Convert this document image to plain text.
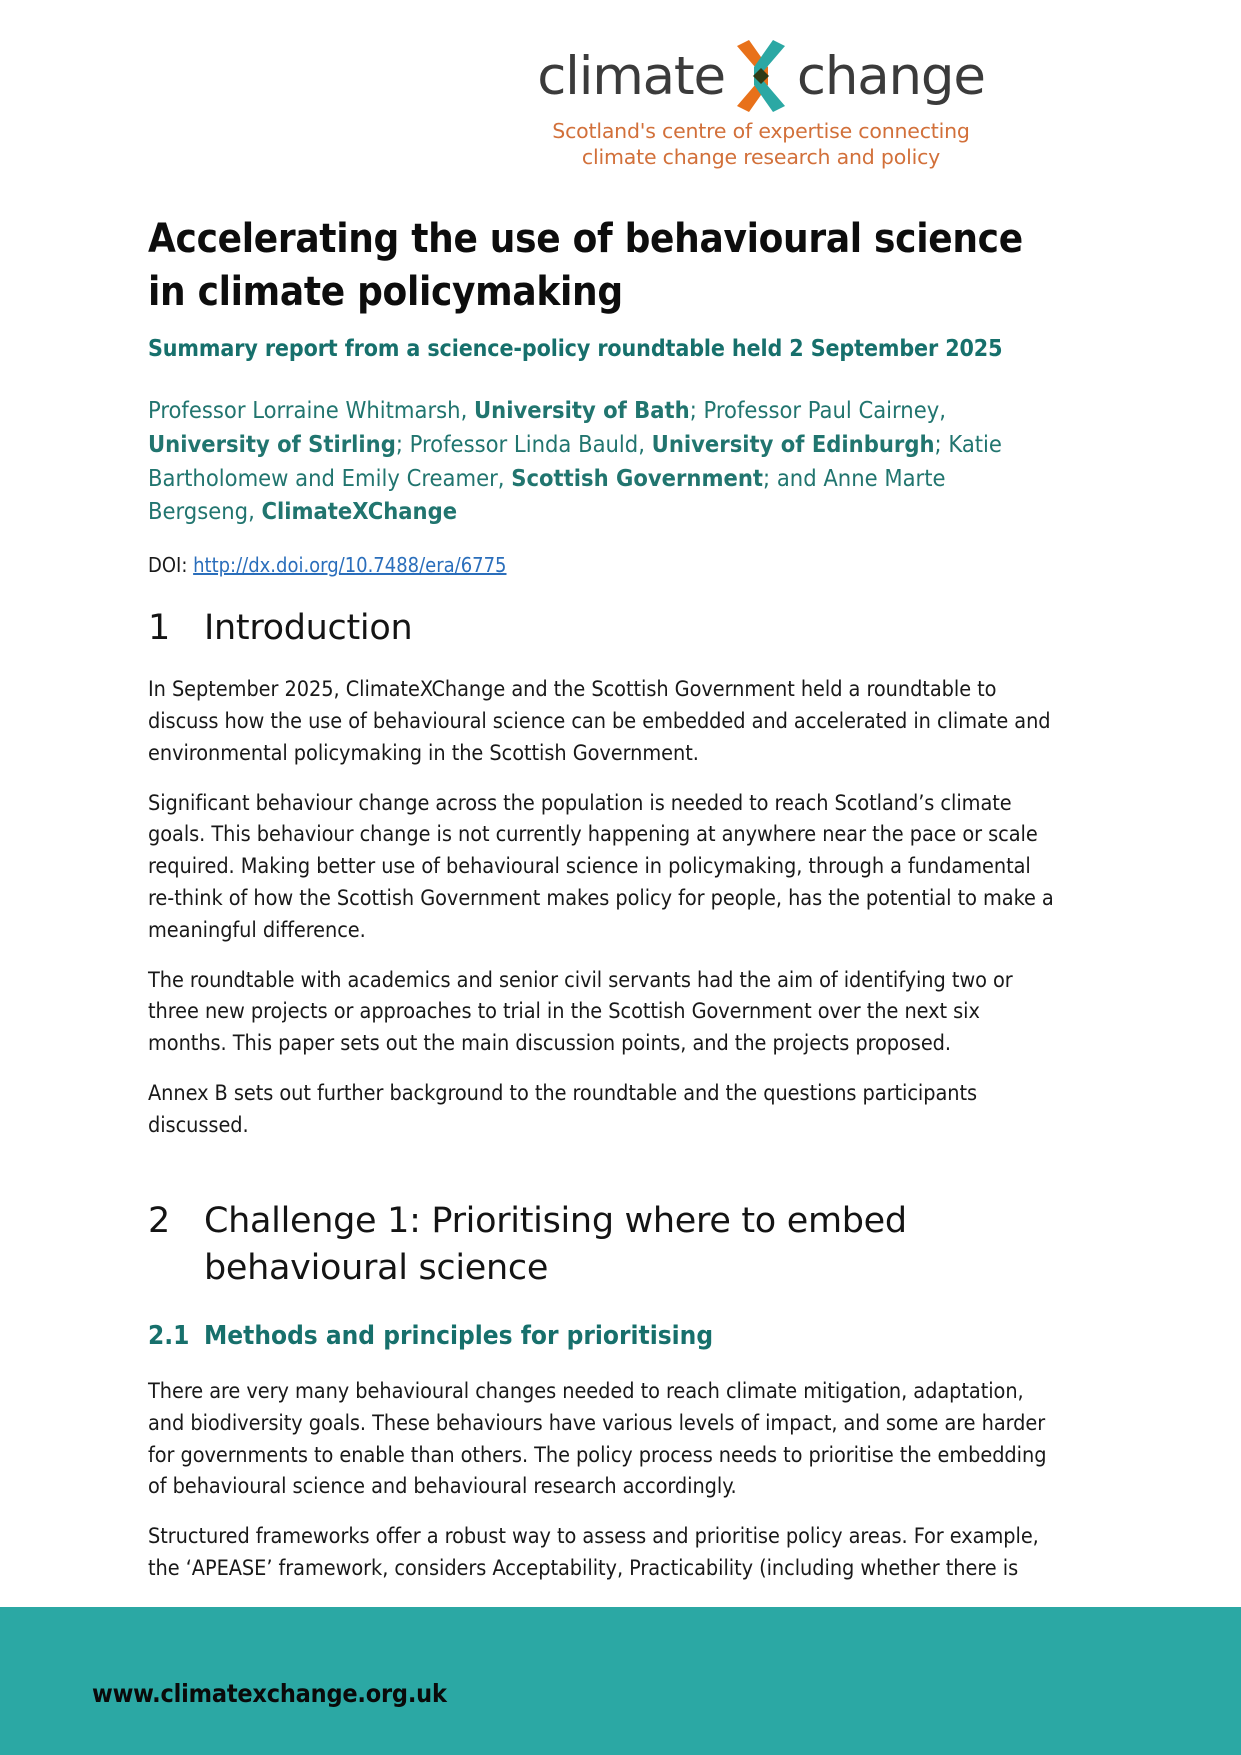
climate change
Scotland's centre of expertise connecting
climate change research and policy
Accelerating the use of behavioural science
in climate policymaking
Summary report from a science-policy roundtable held 2 September 2025
Professor Lorraine Whitmarsh, University of Bath; Professor Paul Cairney, University of Stirling; Professor Linda Bauld, University of Edinburgh; Katie Bartholomew and Emily Creamer, Scottish Government; and Anne Marte Bergseng, ClimateXChange
DOI: http://dx.doi.org/10.7488/era/6775
1 Introduction

In September 2025, ClimateXChange and the Scottish Government held a roundtable to discuss how the use of behavioural science can be embedded and accelerated in climate and environmental policymaking in the Scottish Government.

Significant behaviour change across the population is needed to reach Scotland’s climate goals. This behaviour change is not currently happening at anywhere near the pace or scale required. Making better use of behavioural science in policymaking, through a fundamental re-think of how the Scottish Government makes policy for people, has the potential to make a meaningful difference.

The roundtable with academics and senior civil servants had the aim of identifying two or three new projects or approaches to trial in the Scottish Government over the next six months. This paper sets out the main discussion points, and the projects proposed.

Annex B sets out further background to the roundtable and the questions participants discussed.

2 Challenge 1: Prioritising where to embed behavioural science
2.1 Methods and principles for prioritising

There are very many behavioural changes needed to reach climate mitigation, adaptation, and biodiversity goals. These behaviours have various levels of impact, and some are harder for governments to enable than others. The policy process needs to prioritise the embedding of behavioural science and behavioural research accordingly.

Structured frameworks offer a robust way to assess and prioritise policy areas. For example, the ‘APEASE’ framework, considers Acceptability, Practicability (including whether there is

www.climatexchange.org.uk
